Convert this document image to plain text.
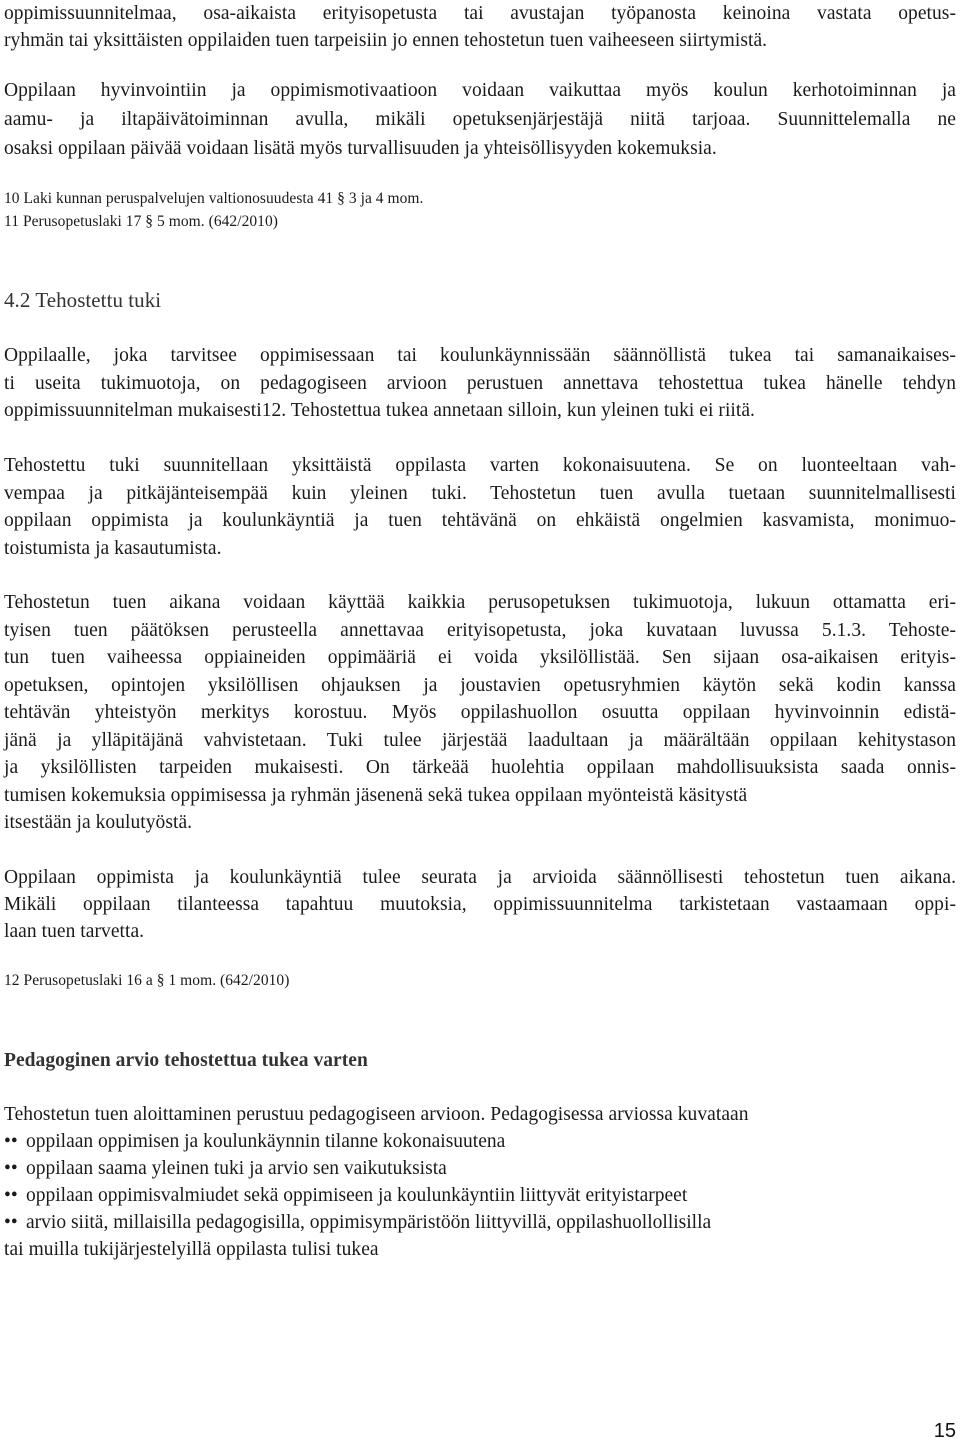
oppimissuunnitelmaa, osa-aikaista erityisopetusta tai avustajan työpanosta keinoina vastata opetus-
ryhmän tai yksittäisten oppilaiden tuen tarpeisiin jo ennen tehostetun tuen vaiheeseen siirtymistä.
Oppilaan hyvinvointiin ja oppimismotivaatioon voidaan vaikuttaa myös koulun kerhotoiminnan ja
aamu- ja iltapäivätoiminnan avulla, mikäli opetuksenjärjestäjä niitä tarjoaa. Suunnittelemalla ne
osaksi oppilaan päivää voidaan lisätä myös turvallisuuden ja yhteisöllisyyden kokemuksia.
10 Laki kunnan peruspalvelujen valtionosuudesta 41 § 3 ja 4 mom.
11 Perusopetuslaki 17 § 5 mom. (642/2010)
4.2 Tehostettu tuki
Oppilaalle, joka tarvitsee oppimisessaan tai koulunkäynnissään säännöllistä tukea tai samanaikaises-
ti useita tukimuotoja, on pedagogiseen arvioon perustuen annettava tehostettua tukea hänelle tehdyn
oppimissuunnitelman mukaisesti12. Tehostettua tukea annetaan silloin, kun yleinen tuki ei riitä.
Tehostettu tuki suunnitellaan yksittäistä oppilasta varten kokonaisuutena. Se on luonteeltaan vah-
vempaa ja pitkäjänteisempää kuin yleinen tuki. Tehostetun tuen avulla tuetaan suunnitelmallisesti
oppilaan oppimista ja koulunkäyntiä ja tuen tehtävänä on ehkäistä ongelmien kasvamista, monimuo-
toistumista ja kasautumista.
Tehostetun tuen aikana voidaan käyttää kaikkia perusopetuksen tukimuotoja, lukuun ottamatta eri-
tyisen tuen päätöksen perusteella annettavaa erityisopetusta, joka kuvataan luvussa 5.1.3. Tehoste-
tun tuen vaiheessa oppiaineiden oppimääriä ei voida yksilöllistää. Sen sijaan osa-aikaisen erityis-
opetuksen, opintojen yksilöllisen ohjauksen ja joustavien opetusryhmien käytön sekä kodin kanssa
tehtävän yhteistyön merkitys korostuu. Myös oppilashuollon osuutta oppilaan hyvinvoinnin edistä-
jänä ja ylläpitäjänä vahvistetaan. Tuki tulee järjestää laadultaan ja määrältään oppilaan kehitystason
ja yksilöllisten tarpeiden mukaisesti. On tärkeää huolehtia oppilaan mahdollisuuksista saada onnis-
tumisen kokemuksia oppimisessa ja ryhmän jäsenenä sekä tukea oppilaan myönteistä käsitystä
itsestään ja koulutyöstä.
Oppilaan oppimista ja koulunkäyntiä tulee seurata ja arvioida säännöllisesti tehostetun tuen aikana.
Mikäli oppilaan tilanteessa tapahtuu muutoksia, oppimissuunnitelma tarkistetaan vastaamaan oppi-
laan tuen tarvetta.
12 Perusopetuslaki 16 a § 1 mom. (642/2010)
Pedagoginen arvio tehostettua tukea varten
Tehostetun tuen aloittaminen perustuu pedagogiseen arvioon. Pedagogisessa arviossa kuvataan
•• oppilaan oppimisen ja koulunkäynnin tilanne kokonaisuutena
•• oppilaan saama yleinen tuki ja arvio sen vaikutuksista
•• oppilaan oppimisvalmiudet sekä oppimiseen ja koulunkäyntiin liittyvät erityistarpeet
•• arvio siitä, millaisilla pedagogisilla, oppimisympäristöön liittyvillä, oppilashuollollisilla
tai muilla tukijärjestelyillä oppilasta tulisi tukea
15
